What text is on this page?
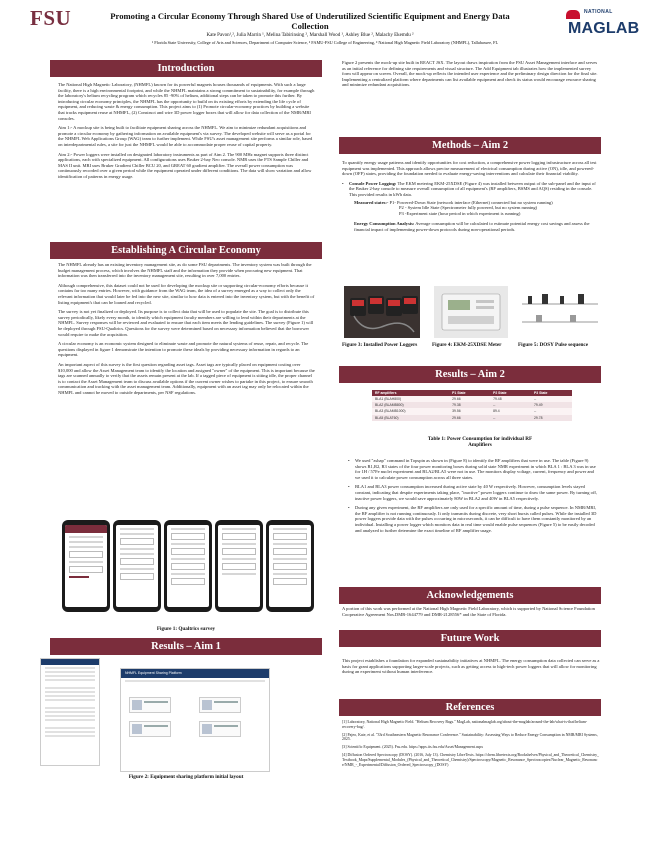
FSU	Promoting a Circular Economy Through Shared Use of Underutilized Scientific Equipment and Energy Data Collection
Kate Pavon¹,², Julia Marrin ¹, Melina Tabirinsing ², Marshall Wood ¹, Ashley Blue ², Malachy Ekemdu ²
¹ Florida State University, College of Arts and Sciences, Department of Computer Science, ² FAMU-FSU College of Engineering, ³ National High Magnetic Field Laboratory (NHMFL), Tallahassee, FL
NATIONAL
MAGLAB
Introduction

The National High Magnetic Laboratory, (NHMFL) known for its powerful magnets houses thousands of equipments. With such a large facility, there is a high environmental footprint, and while the NHMFL maintains a strong commitment to sustainability, for example through the laboratory's helium recycling program which recycles 85 -90% of helium, additional steps can be taken to promote this further. By introducing circular economy principles, the NHMFL has the opportunity to build on its existing efforts by extending the life cycle of equipment, and reducing waste & energy consumption. This project aims to (1) Promote circular-economy practices by building a website that tracks equipment reuse at NHMFL, (2) Construct and wire 3D power logger boxes that will allow for data collection of the NMR/MRI consoles.

Aim 1:- A mockup site is being built to facilitate equipment sharing across the NHMFL. We aim to minimize redundant acquisitions and promote a circular economy by gathering information on available equipment's via survey. The developed website will serve as a portal for the NHMFL Web Applications Group (WAG) team to further implement. While FSU's asset management site performs a similar role, based on interdepartmental rules, a site for just the NHMFL would be able to accommodate proper reuse of capital property.

Aim 2:- Power loggers were installed on designated laboratory instruments as part of Aim 2. The 900 MHz magnet supports three distinct applications, each with specialized equipment. All configurations uses Bruker 2-bay Neo console. NMR uses the FTS Sample Chiller and MAS II unit. MRI uses Bruker Gradient Chiller BCU 20, and GREAT 60 gradient amplifier. The overall power consumption was continuously recorded over a given period while the equipment operated under different conditions. The data will show variation and allow identification of patterns in energy usage.

Establishing A Circular Economy

The NHMFL already has an existing inventory management site, as do some FSU departments. The inventory system was built through the budget management process, which involves the NHMFL staff and the information they provide when procuring new equipment. That information was then transferred into the inventory management site, resulting in over 7,000 entries.

Although comprehensive, this dataset could not be used for developing the mockup site or supporting circular-economy efforts because it contains far too many entries. However, with guidance from the WAG team, the idea of a survey emerged as a way to collect only the relevant information that would later be fed into the new site, similar to how data is entered into the inventory system, but with the benefit of listing equipment's that can be loaned and recycled.

The survey is not yet finalized or deployed. Its purpose is to collect data that will be used to populate the site. The goal is to distribute this survey periodically, likely every month, to identify which equipment faculty members are willing to lend within their departments at the NHMFL. Survey responses will be reviewed and evaluated to ensure that each item meets the lending guidelines. The survey (Figure 1) will be deployed through FSU-Qualtrics. Questions for the survey were determined based on necessary information believed that the borrower would require to make the acquisition.

A circular economy is an economic system designed to eliminate waste and promote the natural systems of reuse, repair, and recycle. The questions displayed in figure 1 demonstrate the intention to promote these ideals by providing necessary information in regards to an equipment.

An important aspect of this survey is the first question regarding asset tags. Asset tags are typically placed on equipment costing over $10,000 and allow the Asset Management team to identify the location and assigned "owner" of the equipment. This is important because the tags are scanned annually to verify that the assets remain present at the lab. If a tagged piece of equipment is sitting idle, the proper channel is to contact the Asset Management team to discuss available options if the current owner wishes to partake in this project, to ensure smooth communication and tracking with the asset management team. Additionally, equipment with an asset tag may only be relocated within the NHMFL and cannot be moved to outside departments, per NSF regulations.

Figure 1: Qualtrics survey
Results – Aim 1
NHMFL Equipment Sharing Platform
Figure 2: Equipment sharing platform initial layout

Figure 2 presents the mock-up site built in REACT JSX. The layout draws inspiration from the FSU Asset Management interface and serves as an initial reference for defining site requirements and visual structure. The Add Equipment tab illustrates how the implemented survey form will appear on screen. Overall, the mock-up reflects the intended user experience and the preliminary design direction for the final site. Implementing a centralized platform where departments can list available equipment and check its status would encourage resource sharing and minimize redundant acquisitions.

Methods – Aim 2

To quantify energy usage patterns and identify opportunities for cost reduction, a comprehensive power logging infrastructure across all test equipment was implemented. This approach allows precise measurement of electrical consumption during active (ON), idle, and powered-down (OFF) states, providing the foundation needed to evaluate energy-saving interventions and calculate their financial viability.

• Console Power Logging: The EKM metering EKM-25XDSE (Figure 4) was installed between output of the sub-panel and the input of the Bruker 2-bay console to measure overall consumption of all equipment's (RF amplifiers, BSMS and AQS) residing in the console. This provided results in kWh data.
Measured states:- P1- Powered-Down State (network interface (Ethernet) connected but no system running)
P2 - System Idle State (Spectrometer fully powered, but no system running)
P3 -Experiment state (hour period in which experiment is running)
Energy Consumption Analysis: Average consumption will be calculated to estimate potential energy cost savings and assess the financial impact of implementing power-down protocols during non-operational periods.
Figure 3: Installed Power Loggers	Figure 4: EKM-25XDSE Meter	Figure 5: DOSY Pulse sequence
Results – Aim 2
RF amplifiers	P1 State	P2 State	P3 State
BLA1 (BLAH800)	29.66	79.48	--
BLA2 (BLAMB800)	79.38	--	79.49
BLA3 (BLAMB1000)	39.56	89.4	--
BLA5 (BLAT60)	29.66	--	29.78
Table 1: Power Consumption for individual RF Amplifiers
• We used "zshap" command in Topspin as shown in (Figure 8) to identify the RF amplifiers that were in use. The table (Figure 9) shows R1,R2, R3 states of the four power monitoring boxes during solid state NMR experiment in which BLA 1 : BLA 3 was in use for 1H / 57Fe nuclei experiment and BLA2/BLA5 were not in use. The monitors display voltage, current, frequency and power and we used it to calculate power consumption across all three states.
• BLA1 and BLA3 power consumption increased during active state by 40 W respectively. However, consumption levels stayed constant, indicating that despite experiments taking place, "inactive" power loggers continue to draw the same power. By turning off, inactive power loggers, we would save approximately 80W in BLA2 and 40W in BLA5 respectively.
• During any given experiment, the RF amplifiers are only used for a specific amount of time, during a pulse sequence. In NMR/MRI, the RF amplifier is not running continuously. It only transmits during discrete, very short bursts called pulses. While the installed 3D power loggers provide data with the pulses occurring in microseconds, it can be difficult to have them constantly monitored by an individual. Installing a power logger which monitors data in real time would enable pulse sequences (Figure 5) to be easily decoded and analyzed to further determine the exact timeline of RF amplifier usage.
Acknowledgements
A portion of this work was performed at the National High Magnetic Field Laboratory, which is supported by National Science Foundation Cooperative Agreement Nos.DMR-1644779 and DMR-2128556* and the State of Florida.
Future Work
This project establishes a foundation for expanded sustainability initiatives at NHMFL. The energy consumption data collected can serve as a basis for grant applications supporting larger-scale projects, such as getting access to high-tech power loggers that will allow for monitoring during an experiment without human interference.
References

[1] Laboratory, National High Magnetic Field. "Helium Recovery Bags." MagLab, nationalmaglab.org/about-the-maglab/around-the-lab/what-is-that/helium-recovery-bag/.

[2] Pajeo, Kate, et al. "33rd Southeastern Magnetic Resonance Conference." Sustainability: Assessing Ways to Reduce Energy Consumption in NMR/MRI Systems, 2025.

[3] Scientific Equipment. (2025). Fsu.edu. https://apps.its.fsu.edu/Asset/Management.aspx

[4] Diffusion Ordered Spectroscopy (DOSY). (2016, July 13). Chemistry LibreTexts. https://chem.libretexts.org/Bookshelves/Physical_and_Theoretical_Chemistry_Textbook_Maps/Supplemental_Modules_(Physical_and_Theoretical_Chemistry)/Spectroscopy/Magnetic_Resonance_Spectroscopies/Nuclear_Magnetic_Resonance/NMR_-_Experimental/Diffusion_Ordered_Spectroscopy_(DOSY)
